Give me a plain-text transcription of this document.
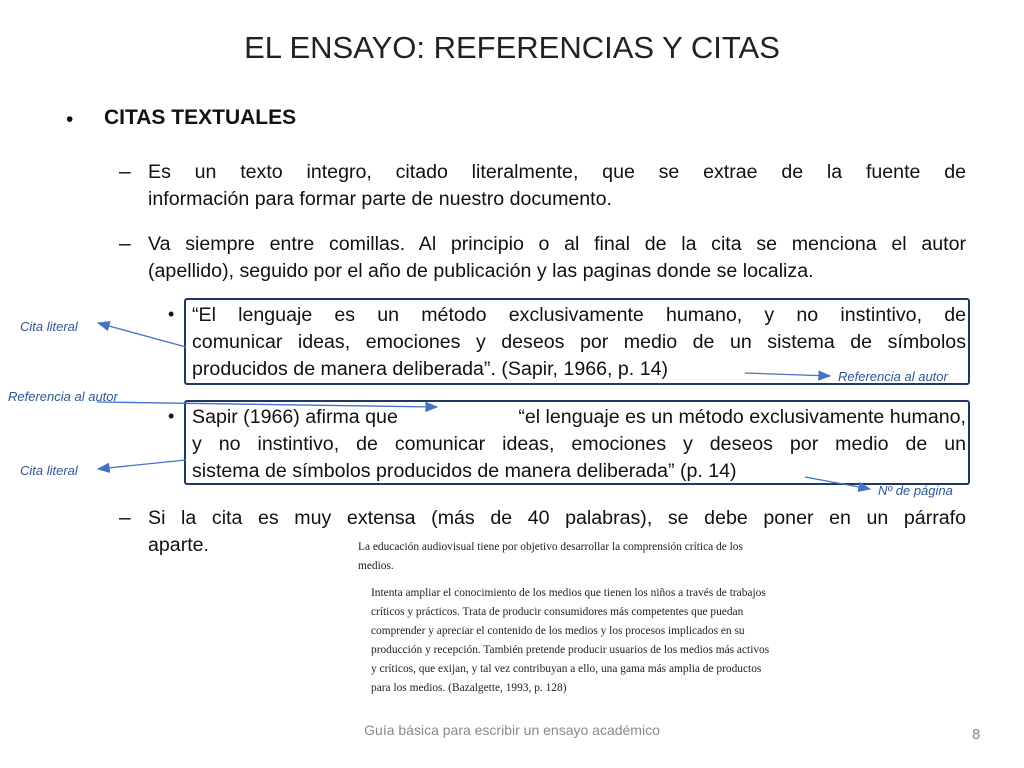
EL ENSAYO: REFERENCIAS Y CITAS
• CITAS TEXTUALES
– Es un texto integro, citado literalmente, que se extrae de la fuente de
información para formar parte de nuestro documento.
– Va siempre entre comillas. Al principio o al final de la cita se menciona el autor
(apellido), seguido por el año de publicación y las paginas donde se localiza.
• “El lenguaje es un método exclusivamente humano, y no instintivo, de
comunicar ideas, emociones y deseos por medio de un sistema de símbolos
producidos de manera deliberada”. (Sapir, 1966, p. 14)
• Sapir (1966) afirma que	“el lenguaje es un método exclusivamente humano,
y no instintivo, de comunicar ideas, emociones y deseos por medio de un
sistema de símbolos producidos de manera deliberada” (p. 14)
– Si la cita es muy extensa (más de 40 palabras), se debe poner en un párrafo
aparte.
Cita literal
Referencia al autor
Referencia al autor
Cita literal
Nº de página
La educación audiovisual tiene por objetivo desarrollar la comprensión crítica de los
medios.
Intenta ampliar el conocimiento de los medios que tienen los niños a través de trabajos
críticos y prácticos. Trata de producir consumidores más competentes que puedan
comprender y apreciar el contenido de los medios y los procesos implicados en su
producción y recepción. También pretende producir usuarios de los medios más activos
y críticos, que exijan, y tal vez contribuyan a ello, una gama más amplia de productos
para los medios. (Bazalgette, 1993, p. 128)
Guía básica para escribir un ensayo académico	8
